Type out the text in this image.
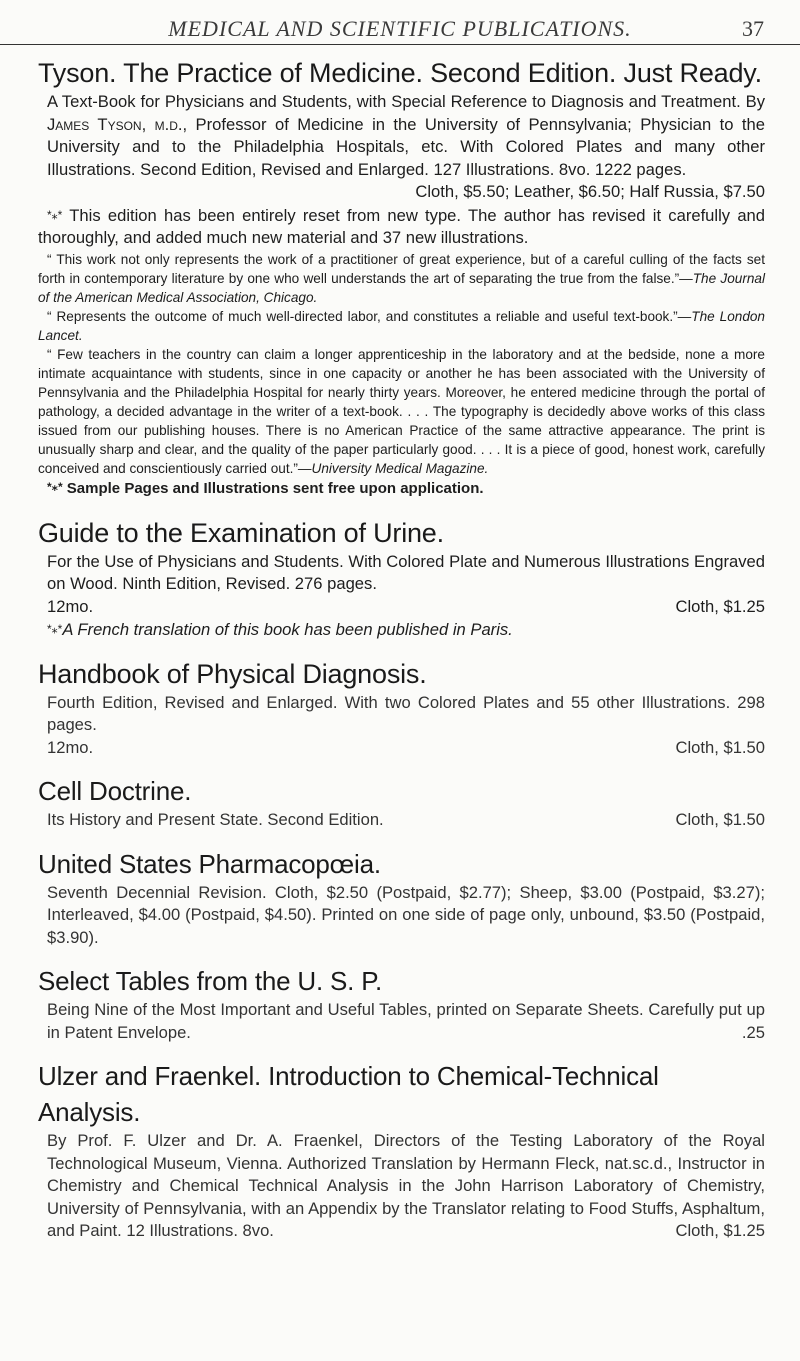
MEDICAL AND SCIENTIFIC PUBLICATIONS.	37

Tyson. The Practice of Medicine. Second Edition. Just Ready.

A Text-Book for Physicians and Students, with Special Reference to Diagnosis and Treatment. By James Tyson, m.d., Professor of Medicine in the University of Pennsylvania; Physician to the University and to the Philadelphia Hospitals, etc. With Colored Plates and many other Illustrations. Second Edition, Revised and Enlarged. 127 Illustrations. 8vo. 1222 pages.

Cloth, $5.50; Leather, $6.50; Half Russia, $7.50

*⁎* This edition has been entirely reset from new type. The author has revised it carefully and thoroughly, and added much new material and 37 new illustrations.

“ This work not only represents the work of a practitioner of great experience, but of a careful culling of the facts set forth in contemporary literature by one who well understands the art of separating the true from the false.”—The Journal of the American Medical Association, Chicago.

“ Represents the outcome of much well-directed labor, and constitutes a reliable and useful text-book.”—The London Lancet.

“ Few teachers in the country can claim a longer apprenticeship in the laboratory and at the bedside, none a more intimate acquaintance with students, since in one capacity or another he has been associated with the University of Pennsylvania and the Philadelphia Hospital for nearly thirty years. Moreover, he entered medicine through the portal of pathology, a decided advantage in the writer of a text-book. . . . The typography is decidedly above works of this class issued from our publishing houses. There is no American Practice of the same attractive appearance. The print is unusually sharp and clear, and the quality of the paper particularly good. . . . It is a piece of good, honest work, carefully conceived and conscientiously carried out.”—University Medical Magazine.

*⁎* Sample Pages and Illustrations sent free upon application.

Guide to the Examination of Urine.

For the Use of Physicians and Students. With Colored Plate and Numerous Illustrations Engraved on Wood. Ninth Edition, Revised. 276 pages.

12mo.	Cloth, $1.25

*⁎*A French translation of this book has been published in Paris.

Handbook of Physical Diagnosis.

Fourth Edition, Revised and Enlarged. With two Colored Plates and 55 other Illustrations. 298 pages.

12mo.	Cloth, $1.50

Cell Doctrine.

Its History and Present State. Second Edition.	Cloth, $1.50

United States Pharmacopœia.

Seventh Decennial Revision. Cloth, $2.50 (Postpaid, $2.77); Sheep, $3.00 (Postpaid, $3.27); Interleaved, $4.00 (Postpaid, $4.50). Printed on one side of page only, unbound, $3.50 (Postpaid, $3.90).

Select Tables from the U. S. P.

Being Nine of the Most Important and Useful Tables, printed on Separate Sheets. Carefully put up in Patent Envelope.	.25

Ulzer and Fraenkel. Introduction to Chemical-Technical Analysis.

By Prof. F. Ulzer and Dr. A. Fraenkel, Directors of the Testing Laboratory of the Royal Technological Museum, Vienna. Authorized Translation by Hermann Fleck, nat.sc.d., Instructor in Chemistry and Chemical Technical Analysis in the John Harrison Laboratory of Chemistry, University of Pennsylvania, with an Appendix by the Translator relating to Food Stuffs, Asphaltum, and Paint. 12 Illustrations. 8vo.	Cloth, $1.25
